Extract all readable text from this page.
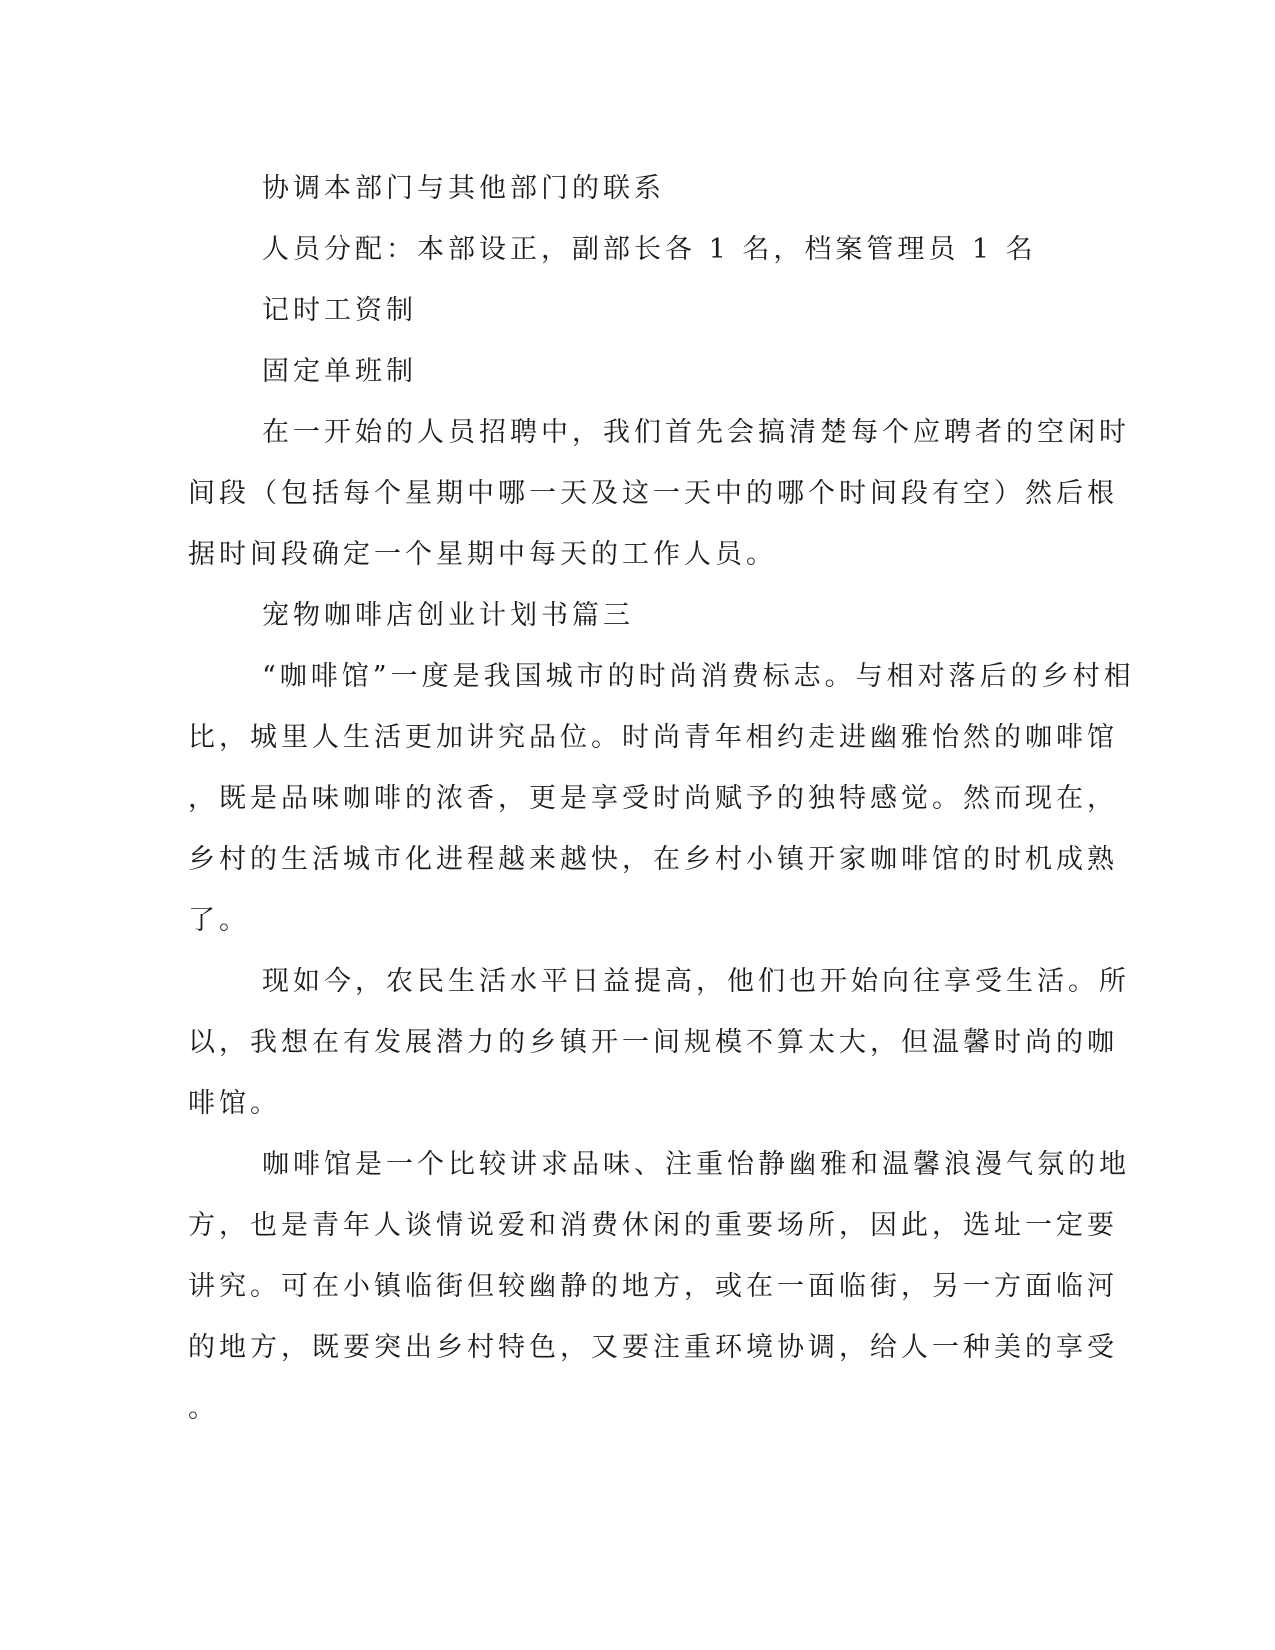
协调本部门与其他部门的联系
人员分配：本部设正，副部长各 1 名，档案管理员 1 名
记时工资制
固定单班制
在一开始的人员招聘中，我们首先会搞清楚每个应聘者的空闲时
间段（包括每个星期中哪一天及这一天中的哪个时间段有空）然后根
据时间段确定一个星期中每天的工作人员。
宠物咖啡店创业计划书篇三
“咖啡馆”一度是我国城市的时尚消费标志。与相对落后的乡村相
比，城里人生活更加讲究品位。时尚青年相约走进幽雅怡然的咖啡馆
，既是品味咖啡的浓香，更是享受时尚赋予的独特感觉。然而现在，
乡村的生活城市化进程越来越快，在乡村小镇开家咖啡馆的时机成熟
了。
现如今，农民生活水平日益提高，他们也开始向往享受生活。所
以，我想在有发展潜力的乡镇开一间规模不算太大，但温馨时尚的咖
啡馆。
咖啡馆是一个比较讲求品味、注重怡静幽雅和温馨浪漫气氛的地
方，也是青年人谈情说爱和消费休闲的重要场所，因此，选址一定要
讲究。可在小镇临街但较幽静的地方，或在一面临街，另一方面临河
的地方，既要突出乡村特色，又要注重环境协调，给人一种美的享受
。
